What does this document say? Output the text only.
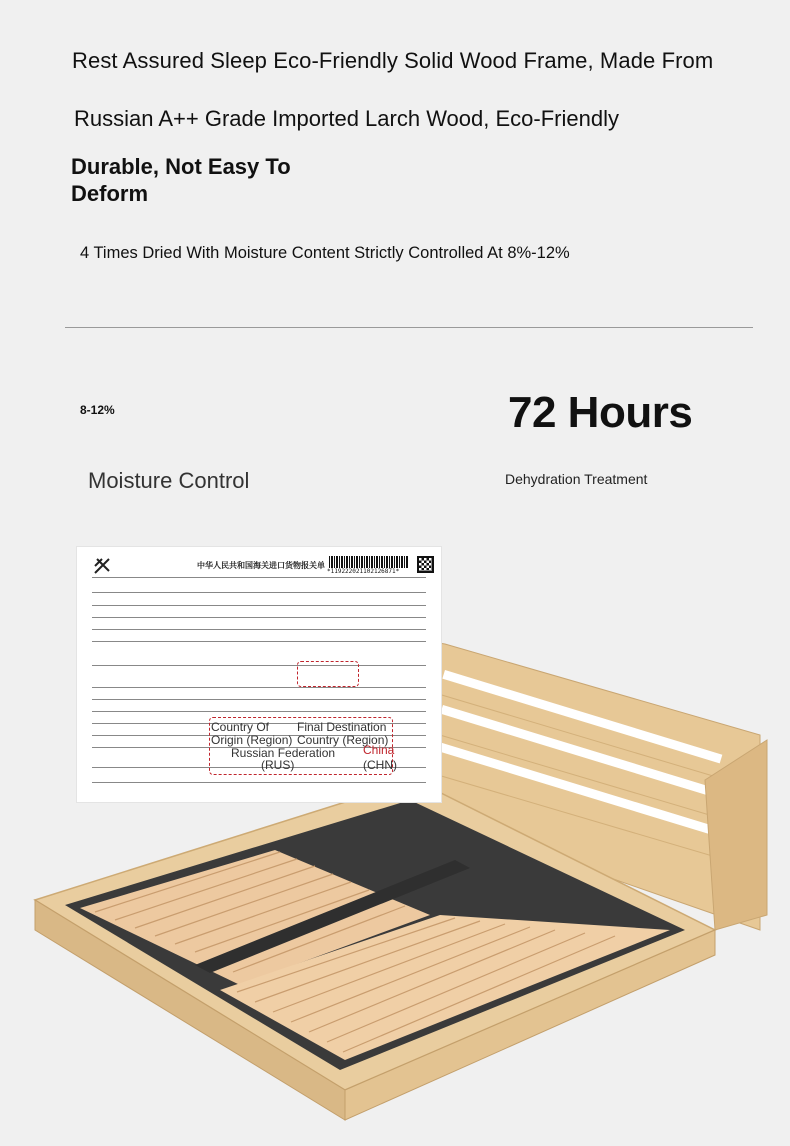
Rest Assured Sleep Eco-Friendly Solid Wood Frame, Made From
Russian A++ Grade Imported Larch Wood, Eco-Friendly
Durable, Not Easy To Deform
4 Times Dried With Moisture Content Strictly Controlled At 8%-12%
8-12%
Moisture Control
72 Hours
Dehydration Treatment
中华人民共和国海关进口货物报关单
*119222021102126871*
Country Of Origin (Region)
Final Destination Country (Region)
Russian Federation
(RUS)
China
(CHN)
